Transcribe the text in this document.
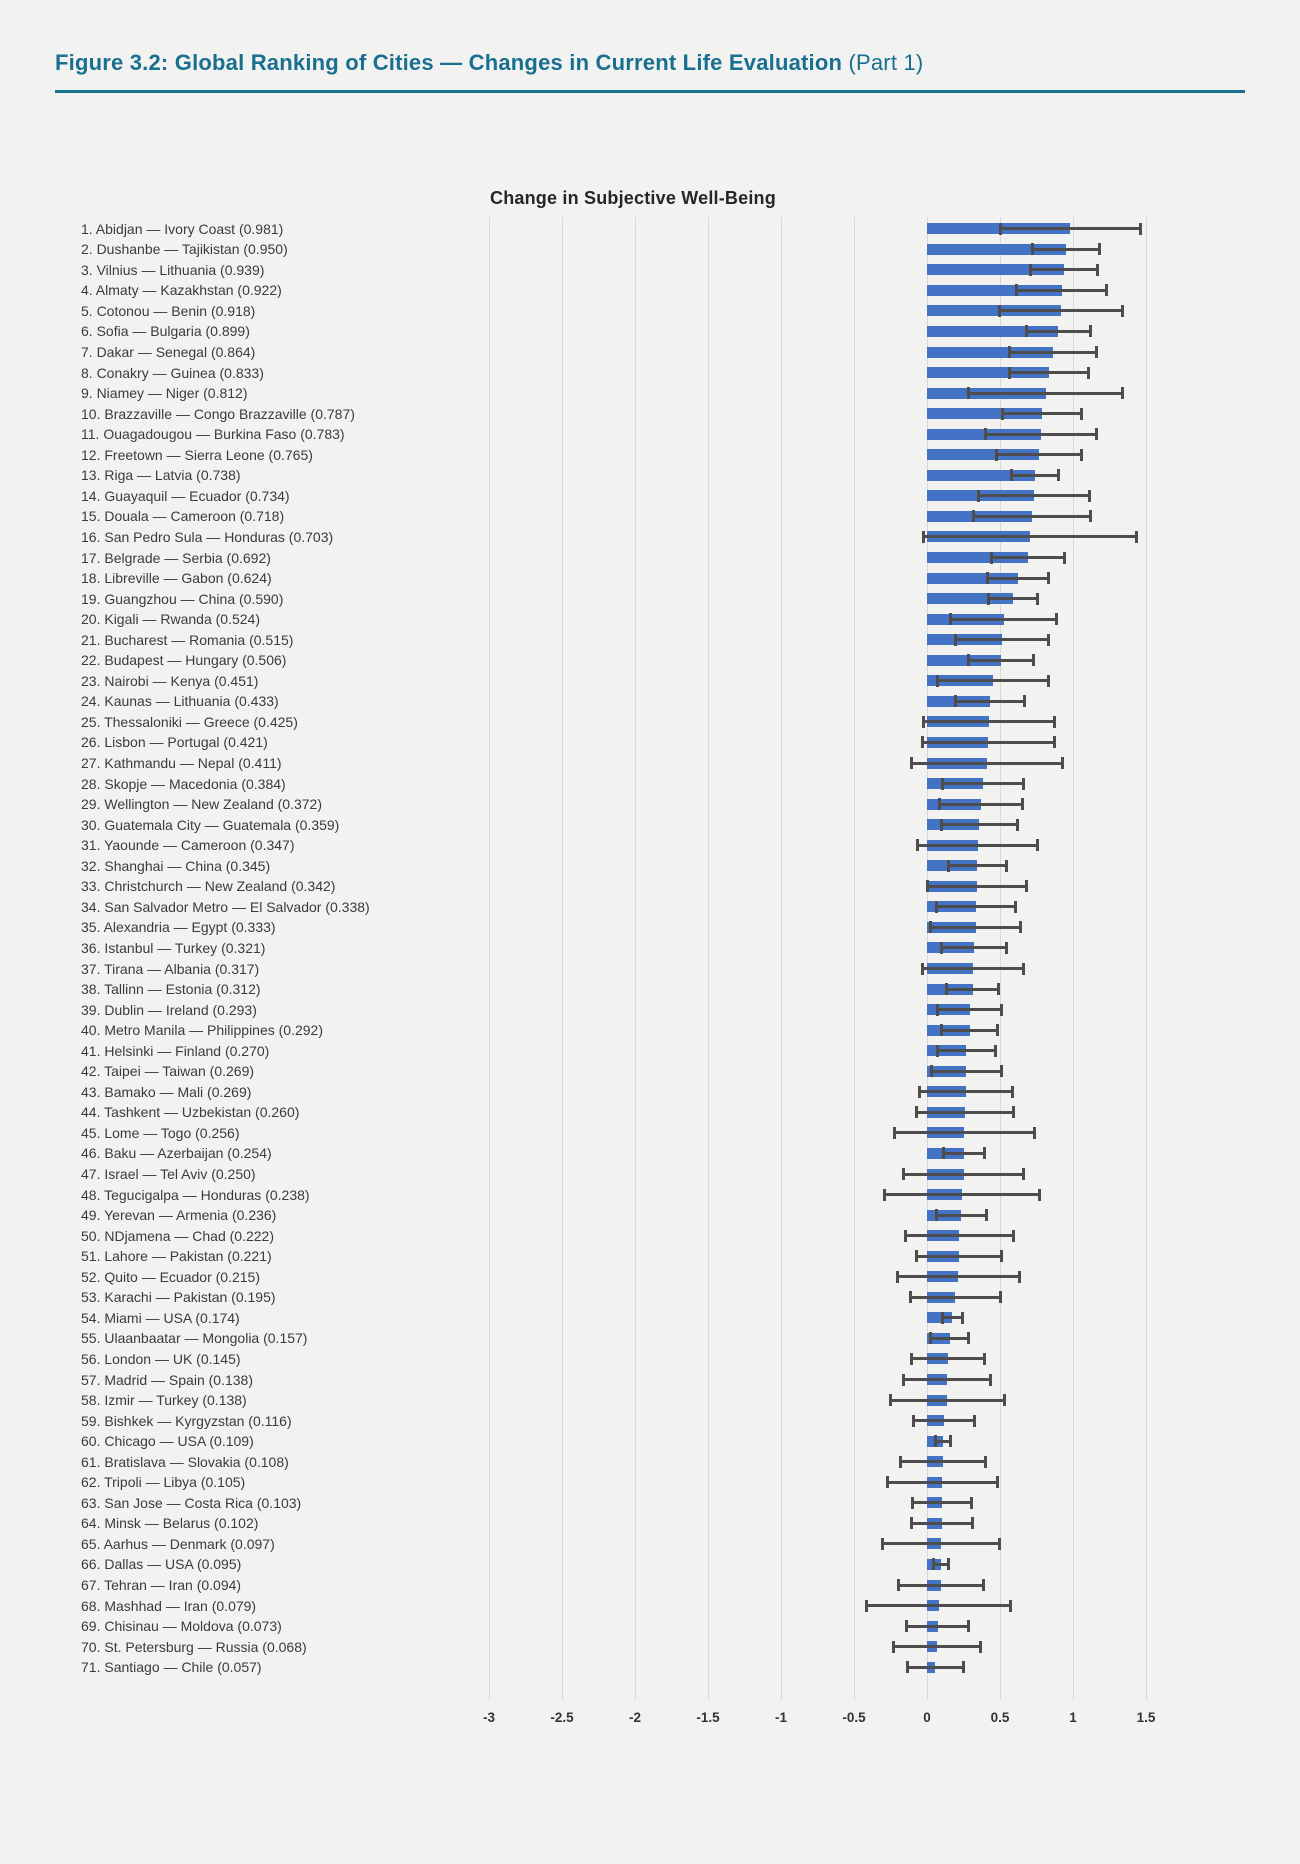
Figure 3.2: Global Ranking of Cities — Changes in Current Life Evaluation (Part 1)
Change in Subjective Well-Being
1. Abidjan — Ivory Coast (0.981)
2. Dushanbe — Tajikistan (0.950)
3. Vilnius — Lithuania (0.939)
4. Almaty — Kazakhstan (0.922)
5. Cotonou — Benin (0.918)
6. Sofia — Bulgaria (0.899)
7. Dakar — Senegal (0.864)
8. Conakry — Guinea (0.833)
9. Niamey — Niger (0.812)
10. Brazzaville — Congo Brazzaville (0.787)
11. Ouagadougou — Burkina Faso (0.783)
12. Freetown — Sierra Leone (0.765)
13. Riga — Latvia (0.738)
14. Guayaquil — Ecuador (0.734)
15. Douala — Cameroon (0.718)
16. San Pedro Sula — Honduras (0.703)
17. Belgrade — Serbia (0.692)
18. Libreville — Gabon (0.624)
19. Guangzhou — China (0.590)
20. Kigali — Rwanda (0.524)
21. Bucharest — Romania (0.515)
22. Budapest — Hungary (0.506)
23. Nairobi — Kenya (0.451)
24. Kaunas — Lithuania (0.433)
25. Thessaloniki — Greece (0.425)
26. Lisbon — Portugal (0.421)
27. Kathmandu — Nepal (0.411)
28. Skopje — Macedonia (0.384)
29. Wellington — New Zealand (0.372)
30. Guatemala City — Guatemala (0.359)
31. Yaounde — Cameroon (0.347)
32. Shanghai — China (0.345)
33. Christchurch — New Zealand (0.342)
34. San Salvador Metro — El Salvador (0.338)
35. Alexandria — Egypt (0.333)
36. Istanbul — Turkey (0.321)
37. Tirana — Albania (0.317)
38. Tallinn — Estonia (0.312)
39. Dublin — Ireland (0.293)
40. Metro Manila — Philippines (0.292)
41. Helsinki — Finland (0.270)
42. Taipei — Taiwan (0.269)
43. Bamako — Mali (0.269)
44. Tashkent — Uzbekistan (0.260)
45. Lome — Togo (0.256)
46. Baku — Azerbaijan (0.254)
47. Israel — Tel Aviv (0.250)
48. Tegucigalpa — Honduras (0.238)
49. Yerevan — Armenia (0.236)
50. NDjamena — Chad (0.222)
51. Lahore — Pakistan (0.221)
52. Quito — Ecuador (0.215)
53. Karachi — Pakistan (0.195)
54. Miami — USA (0.174)
55. Ulaanbaatar — Mongolia (0.157)
56. London — UK (0.145)
57. Madrid — Spain (0.138)
58. Izmir — Turkey (0.138)
59. Bishkek — Kyrgyzstan (0.116)
60. Chicago — USA (0.109)
61. Bratislava — Slovakia (0.108)
62. Tripoli — Libya (0.105)
63. San Jose — Costa Rica (0.103)
64. Minsk — Belarus (0.102)
65. Aarhus — Denmark (0.097)
66. Dallas — USA (0.095)
67. Tehran — Iran (0.094)
68. Mashhad — Iran (0.079)
69. Chisinau — Moldova (0.073)
70. St. Petersburg — Russia (0.068)
71. Santiago — Chile (0.057)
-3	-2.5	-2	-1.5	-1	-0.5	0	0.5	1	1.5
